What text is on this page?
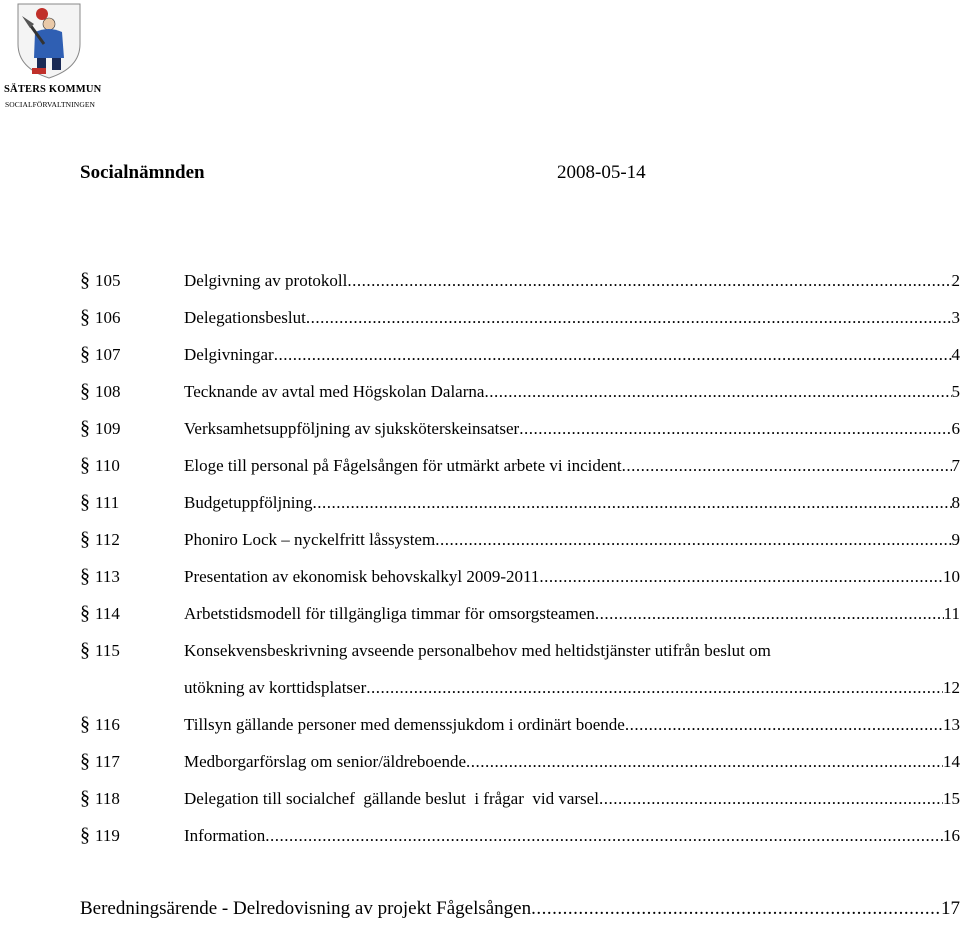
SÄTERS KOMMUN
SOCIALFÖRVALTNINGEN
Socialnämnden	2008-05-14
§ 105	Delgivning av protokoll .....	2
§ 106	Delegationsbeslut .....	3
§ 107	Delgivningar .....	4
§ 108	Tecknande av avtal med Högskolan Dalarna .....	5
§ 109	Verksamhetsuppföljning av sjuksköterskeinsatser .....	6
§ 110	Eloge till personal på Fågelsången för utmärkt arbete vi incident .....	7
§ 111	Budgetuppföljning .....	8
§ 112	Phoniro Lock – nyckelfritt låssystem .....	9
§ 113	Presentation av ekonomisk behovskalkyl 2009-2011 .....	10
§ 114	Arbetstidsmodell för tillgängliga timmar för omsorgsteamen .....	11
§ 115	Konsekvensbeskrivning avseende personalbehov med heltidstjänster utifrån beslut om
utökning av korttidsplatser .....	12
§ 116	Tillsyn gällande personer med demenssjukdom i ordinärt boende .....	13
§ 117	Medborgarförslag om senior/äldreboende .....	14
§ 118	Delegation till socialchef  gällande beslut  i frågar  vid varsel .....	15
§ 119	Information .....	16
Beredningsärende - Delredovisning av projekt Fågelsången .....	17
